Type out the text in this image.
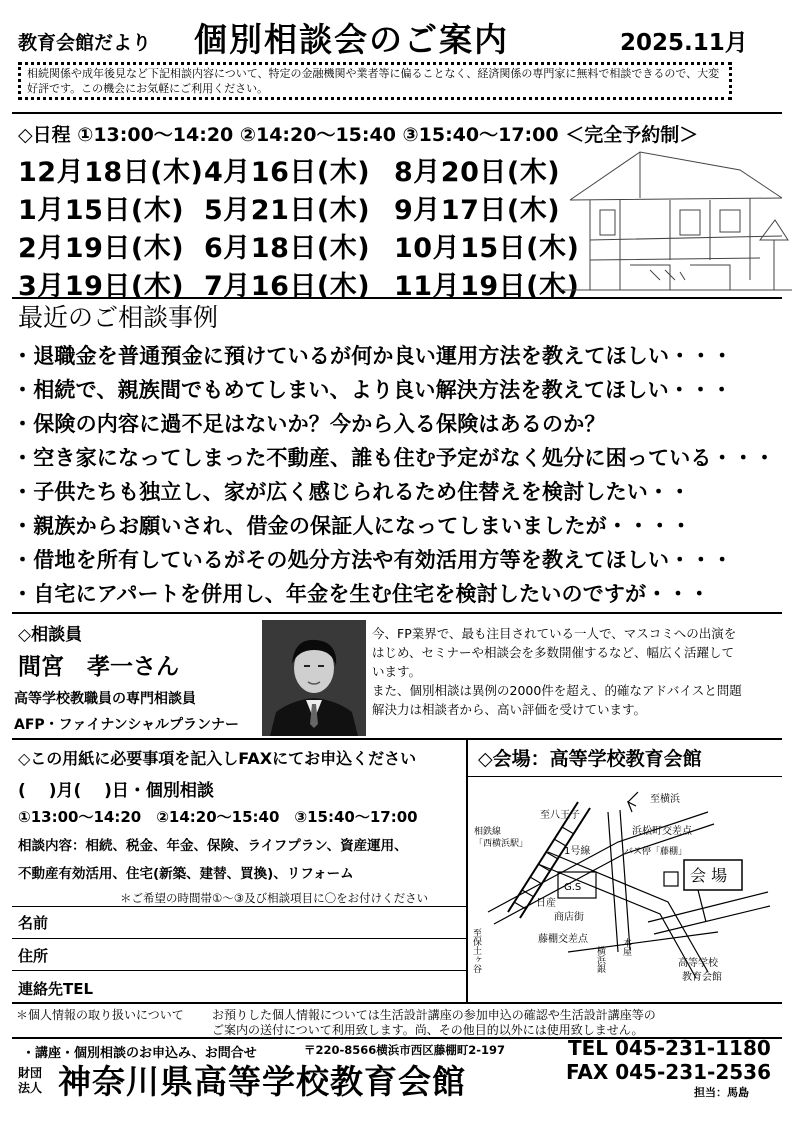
教育会館だより 個別相談会のご案内	2025.11月
相続関係や成年後見など下記相談内容について、特定の金融機関や業者等に偏ることなく、経済関係の専門家に無料で相談できるので、大変好評です。この機会にお気軽にご利用ください。
◇日程 ①13:00～14:20 ②14:20～15:40 ③15:40～17:00 ＜完全予約制＞
12月18日(木)4月16日(木) 8月20日(木)
1月15日(木) 5月21日(木) 9月17日(木)
2月19日(木) 6月18日(木) 10月15日(木)
3月19日(木) 7月16日(木) 11月19日(木)
最近のご相談事例
・退職金を普通預金に預けているが何か良い運用方法を教えてほしい・・・
・相続で、親族間でもめてしまい、より良い解決方法を教えてほしい・・・
・保険の内容に過不足はないか？今から入る保険はあるのか？
・空き家になってしまった不動産、誰も住む予定がなく処分に困っている・・・
・子供たちも独立し、家が広く感じられるため住替えを検討したい・・
・親族からお願いされ、借金の保証人になってしまいましたが・・・・
・借地を所有しているがその処分方法や有効活用方等を教えてほしい・・・
・自宅にアパートを併用し、年金を生む住宅を検討したいのですが・・・
◇相談員
間宮　孝一さん
高等学校教職員の専門相談員
AFP・ファイナンシャルプランナー
今、FP業界で、最も注目されている一人で、マスコミへの出演をはじめ、セミナーや相談会を多数開催するなど、幅広く活躍しています。
また、個別相談は異例の2000件を超え、的確なアドバイスと問題解決力は相談者から、高い評価を受けています。
◇この用紙に必要事項を記入しFAXにてお申込ください
(　 )月(　 )日・個別相談
①13:00～14:20　②14:20～15:40　③15:40～17:00
相談内容：相続、税金、年金、保険、ライフプラン、資産運用、
不動産有効活用、住宅(新築、建替、買換)、リフォーム
＊ご希望の時間帯①～③及び相談項目に〇をお付けください
名前
住所
連絡先TEL
◇会場：高等学校教育会館
至八王子
至横浜
相鉄線
「西横浜駅」
浜松町交差点
1号線	バス停「藤棚」
会 場
G.S
日産
商店街
藤棚交差点
至保土ヶ谷	横浜銀 本屋
高等学校
教育会館
＊個人情報の取り扱いについて お預りした個人情報については生活設計講座の参加申込の確認や生活設計講座等の
ご案内の送付について利用致します。尚、その他目的以外には使用致しません。
・講座・個別相談のお申込み、お問合せ	〒220-8566横浜市西区藤棚町2-197
財団
法人 神奈川県高等学校教育会館
TEL 045-231-1180
FAX 045-231-2536
担当：馬島
